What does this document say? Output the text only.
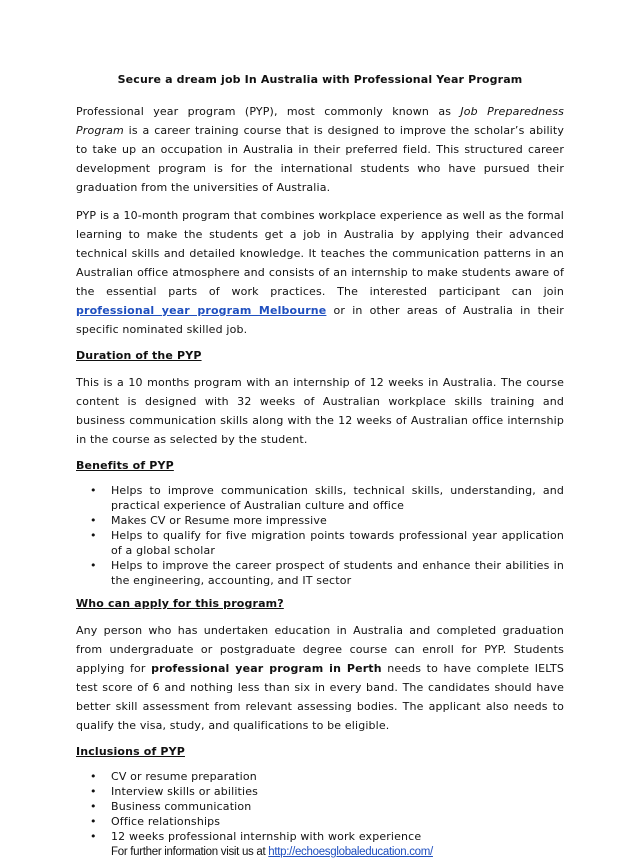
Secure a dream job In Australia with Professional Year Program

Professional year program (PYP), most commonly known as Job Preparedness Program is a career training course that is designed to improve the scholar’s ability to take up an occupation in Australia in their preferred field. This structured career development program is for the international students who have pursued their graduation from the universities of Australia.

PYP is a 10-month program that combines workplace experience as well as the formal learning to make the students get a job in Australia by applying their advanced technical skills and detailed knowledge. It teaches the communication patterns in an Australian office atmosphere and consists of an internship to make students aware of the essential parts of work practices. The interested participant can join professional year program Melbourne or in other areas of Australia in their specific nominated skilled job.

Duration of the PYP

This is a 10 months program with an internship of 12 weeks in Australia. The course content is designed with 32 weeks of Australian workplace skills training and business communication skills along with the 12 weeks of Australian office internship in the course as selected by the student.

Benefits of PYP
• Helps to improve communication skills, technical skills, understanding, and practical experience of Australian culture and office
• Makes CV or Resume more impressive
• Helps to qualify for five migration points towards professional year application of a global scholar
• Helps to improve the career prospect of students and enhance their abilities in the engineering, accounting, and IT sector
Who can apply for this program?

Any person who has undertaken education in Australia and completed graduation from undergraduate or postgraduate degree course can enroll for PYP. Students applying for professional year program in Perth needs to have complete IELTS test score of 6 and nothing less than six in every band. The candidates should have better skill assessment from relevant assessing bodies. The applicant also needs to qualify the visa, study, and qualifications to be eligible.

Inclusions of PYP
• CV or resume preparation
• Interview skills or abilities
• Business communication
• Office relationships
• 12 weeks professional internship with work experience
For further information visit us at http://echoesglobaleducation.com/
